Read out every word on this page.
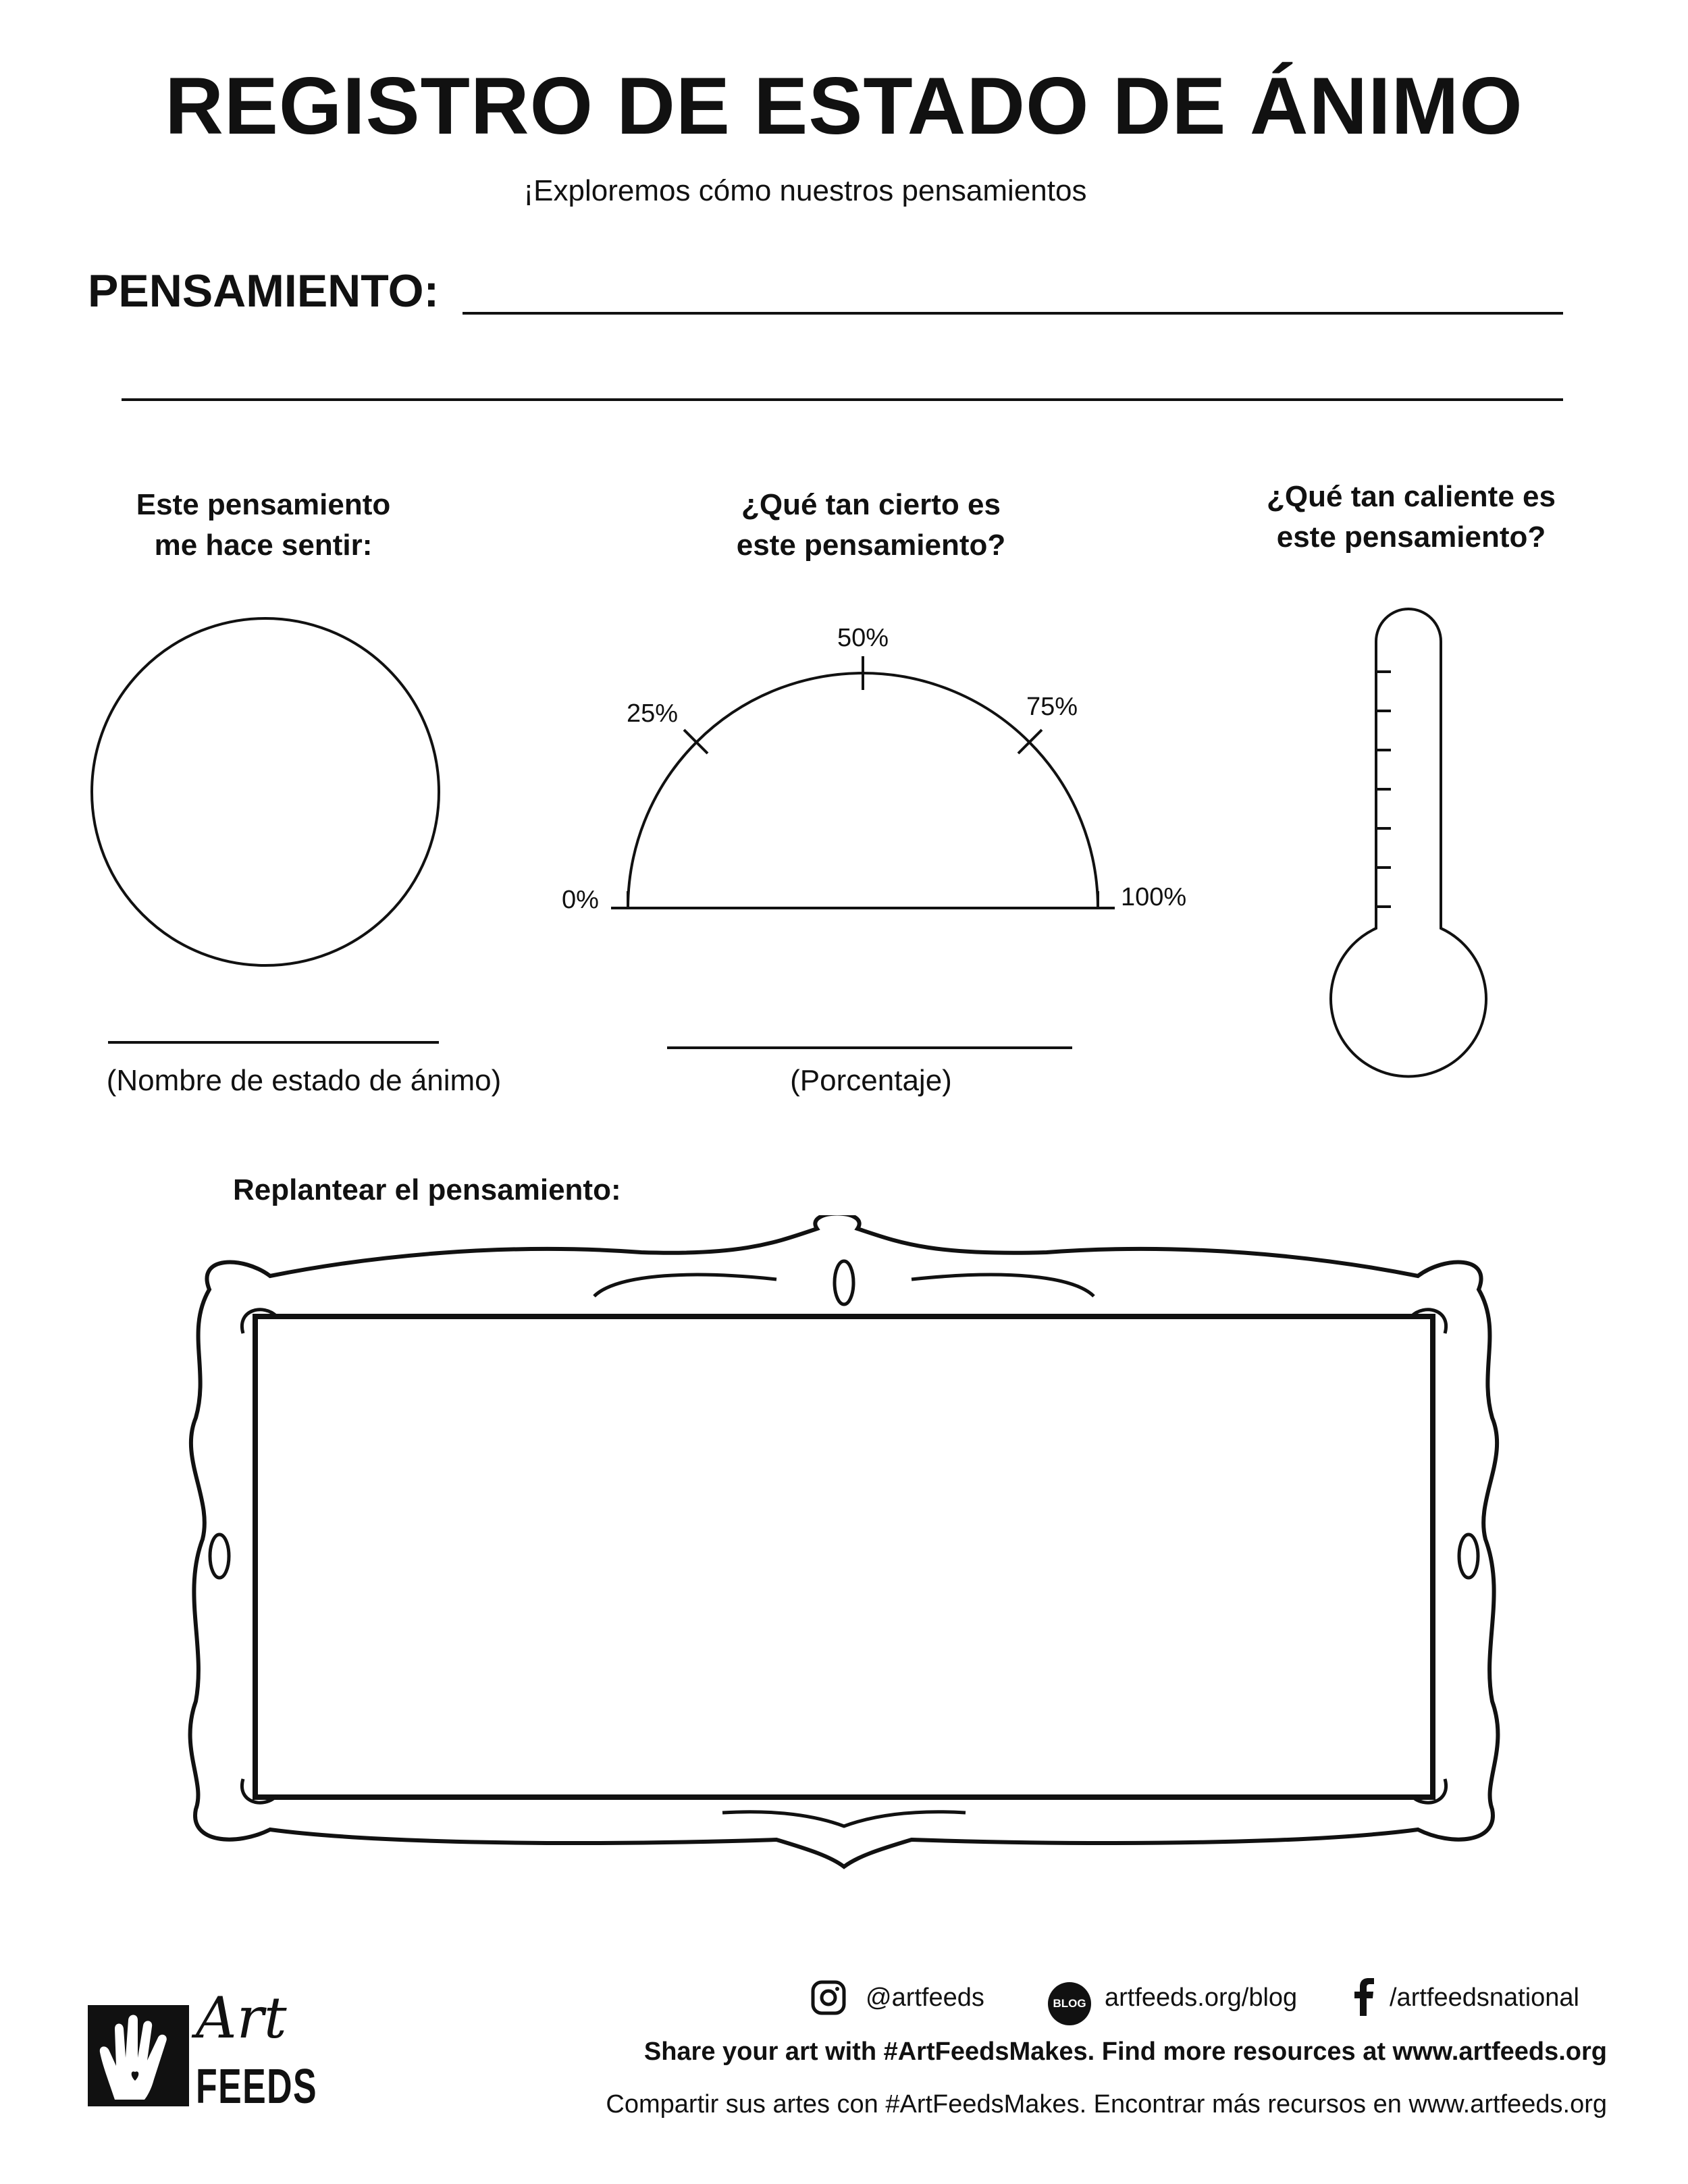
REGISTRO DE ESTADO DE ÁNIMO
¡Exploremos cómo nuestros pensamientos
PENSAMIENTO:
Este pensamiento
me hace sentir:
(Nombre de estado de ánimo)
¿Qué tan cierto es
este pensamiento?
0%
25%
50%
75%
100%
(Porcentaje)
¿Qué tan caliente es
este pensamiento?
Replantear el pensamiento:
@artfeeds	BLOG artfeeds.org/blog	/artfeedsnational
Share your art with #ArtFeedsMakes. Find more resources at www.artfeeds.org
Compartir sus artes con #ArtFeedsMakes. Encontrar más recursos en www.artfeeds.org
Art
FEEDS
